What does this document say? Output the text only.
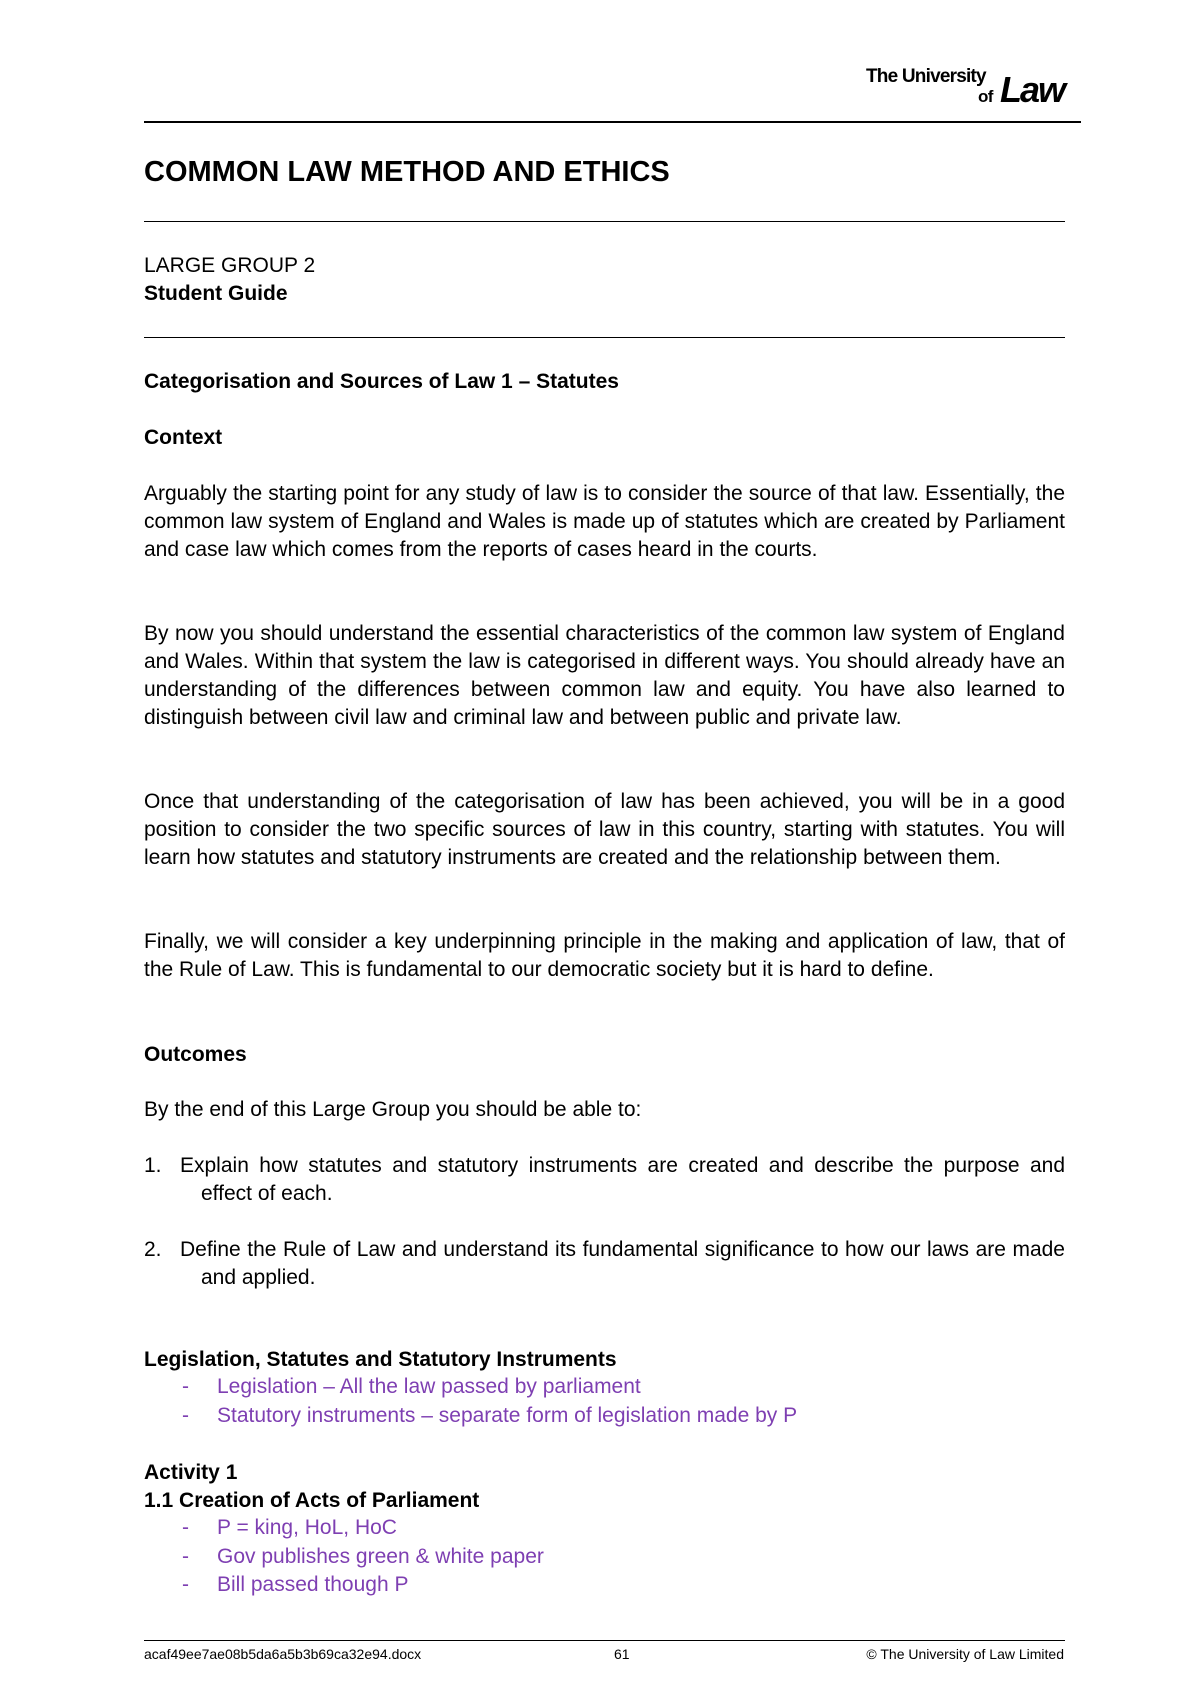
The University
of Law
COMMON LAW METHOD AND ETHICS
LARGE GROUP 2
Student Guide
Categorisation and Sources of Law 1 – Statutes
Context
Arguably the starting point for any study of law is to consider the source of that law. Essentially, the common law system of England and Wales is made up of statutes which are created by Parliament and case law which comes from the reports of cases heard in the courts.
By now you should understand the essential characteristics of the common law system of England and Wales. Within that system the law is categorised in different ways. You should already have an understanding of the differences between common law and equity. You have also learned to distinguish between civil law and criminal law and between public and private law.
Once that understanding of the categorisation of law has been achieved, you will be in a good position to consider the two specific sources of law in this country, starting with statutes. You will learn how statutes and statutory instruments are created and the relationship between them.
Finally, we will consider a key underpinning principle in the making and application of law, that of the Rule of Law. This is fundamental to our democratic society but it is hard to define.
Outcomes
By the end of this Large Group you should be able to:
1. Explain how statutes and statutory instruments are created and describe the purpose and effect of each.
2. Define the Rule of Law and understand its fundamental significance to how our laws are made and applied.
Legislation, Statutes and Statutory Instruments
- Legislation – All the law passed by parliament
- Statutory instruments – separate form of legislation made by P
Activity 1
1.1 Creation of Acts of Parliament
- P = king, HoL, HoC
- Gov publishes green & white paper
- Bill passed though P
acaf49ee7ae08b5da6a5b3b69ca32e94.docx	61	© The University of Law Limited
